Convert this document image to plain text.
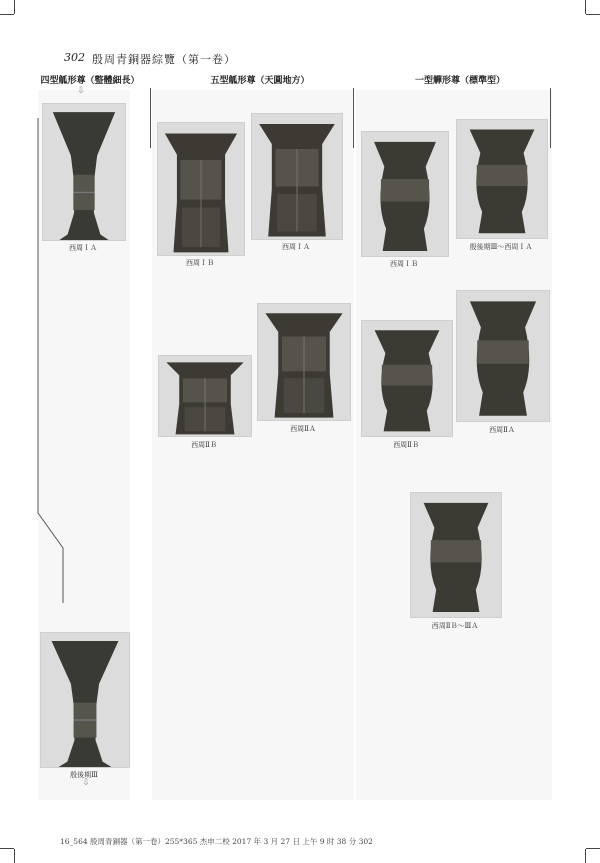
302 殷周青銅器綜覽（第一卷）
四型觚形尊（整體細長）	五型觚形尊（天圓地方）	一型觶形尊（標準型）
⇩
⇩
西周ＩＡ
殷後期Ⅲ
西周ＩＢ
西周ＩＡ
西周ⅡＢ
西周ⅡＡ
西周ＩＢ
殷後期Ⅲ～西周ＩＡ
西周ⅡＢ
西周ⅡＡ
西周ⅡＢ～ⅢＡ
16_564 殷周青銅器（第一卷）255*365 杰申二校 2017 年 3 月 27 日 上午 9 时 38 分 302
